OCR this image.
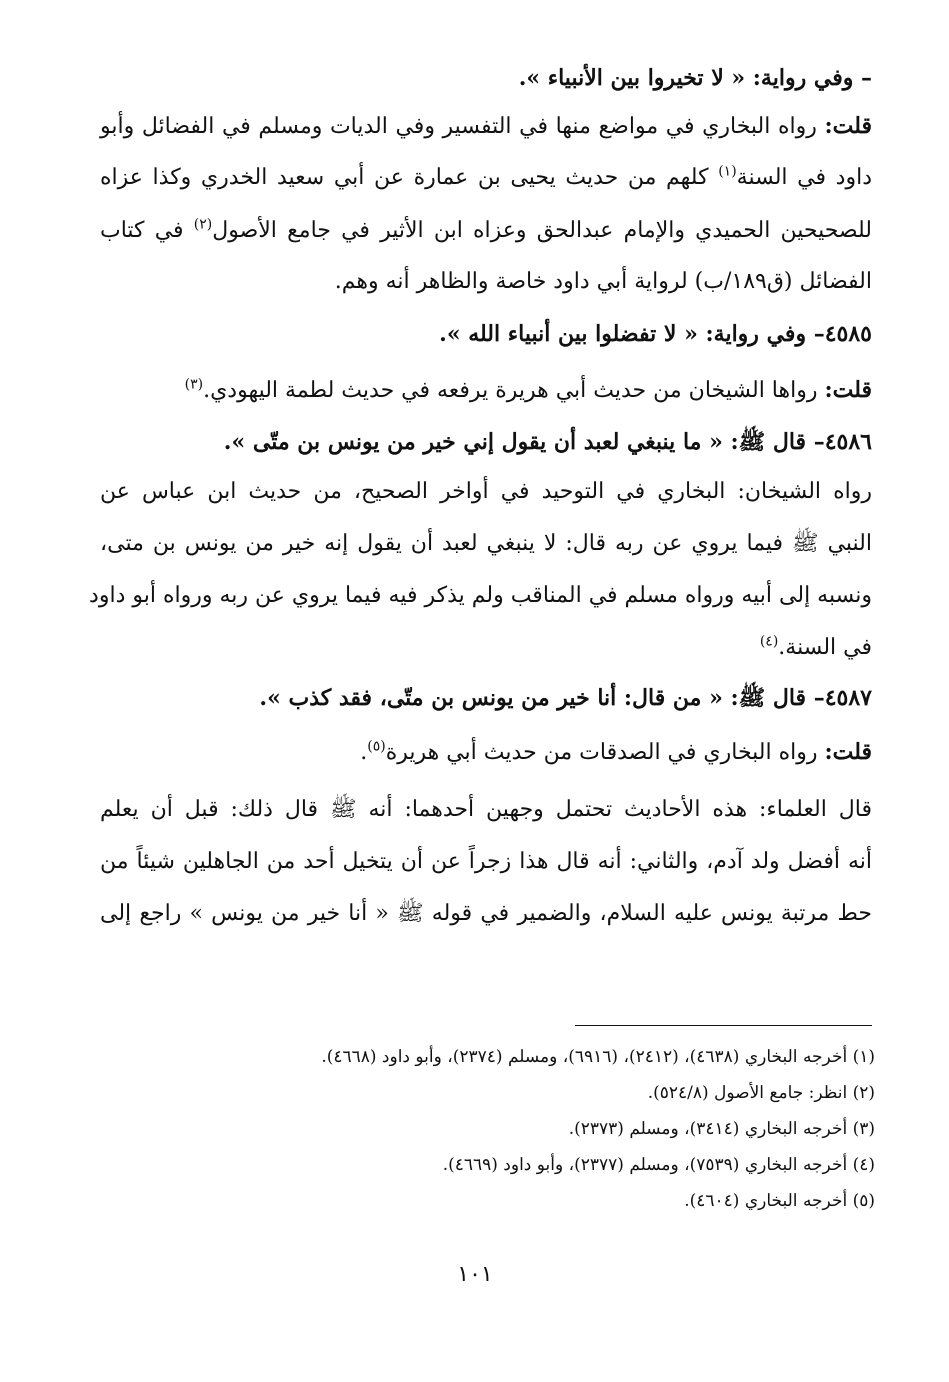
– وفي رواية: « لا تخيروا بين الأنبياء ».
قلت: رواه البخاري في مواضع منها في التفسير وفي الديات ومسلم في الفضائل وأبو
داود في السنة$^{(١)}$ كلهم من حديث يحيى بن عمارة عن أبي سعيد الخدري وكذا عزاه
للصحيحين الحميدي والإمام عبدالحق وعزاه ابن الأثير في جامع الأصول$^{(٢)}$ في كتاب
الفضائل (ق١٨٩/ب) لرواية أبي داود خاصة والظاهر أنه وهم.
٤٥٨٥– وفي رواية: « لا تفضلوا بين أنبياء الله ».
قلت: رواها الشيخان من حديث أبي هريرة يرفعه في حديث لطمة اليهودي.$^{(٣)}$
٤٥٨٦– قال ﷺ: « ما ينبغي لعبد أن يقول إني خير من يونس بن متّى ».
رواه الشيخان: البخاري في التوحيد في أواخر الصحيح، من حديث ابن عباس عن
النبي ﷺ فيما يروي عن ربه قال: لا ينبغي لعبد أن يقول إنه خير من يونس بن متى،
ونسبه إلى أبيه ورواه مسلم في المناقب ولم يذكر فيه فيما يروي عن ربه ورواه أبو داود
في السنة.$^{(٤)}$
٤٥٨٧– قال ﷺ: « من قال: أنا خير من يونس بن متّى، فقد كذب ».
قلت: رواه البخاري في الصدقات من حديث أبي هريرة$^{(٥)}$.
قال العلماء: هذه الأحاديث تحتمل وجهين أحدهما: أنه ﷺ قال ذلك: قبل أن يعلم
أنه أفضل ولد آدم، والثاني: أنه قال هذا زجراً عن أن يتخيل أحد من الجاهلين شيئاً من
حط مرتبة يونس عليه السلام، والضمير في قوله ﷺ « أنا خير من يونس » راجع إلى
(١) أخرجه البخاري (٤٦٣٨)، (٢٤١٢)، (٦٩١٦)، ومسلم (٢٣٧٤)، وأبو داود (٤٦٦٨).
(٢) انظر: جامع الأصول (٥٢٤/٨).
(٣) أخرجه البخاري (٣٤١٤)، ومسلم (٢٣٧٣).
(٤) أخرجه البخاري (٧٥٣٩)، ومسلم (٢٣٧٧)، وأبو داود (٤٦٦٩).
(٥) أخرجه البخاري (٤٦٠٤).
١٠١
